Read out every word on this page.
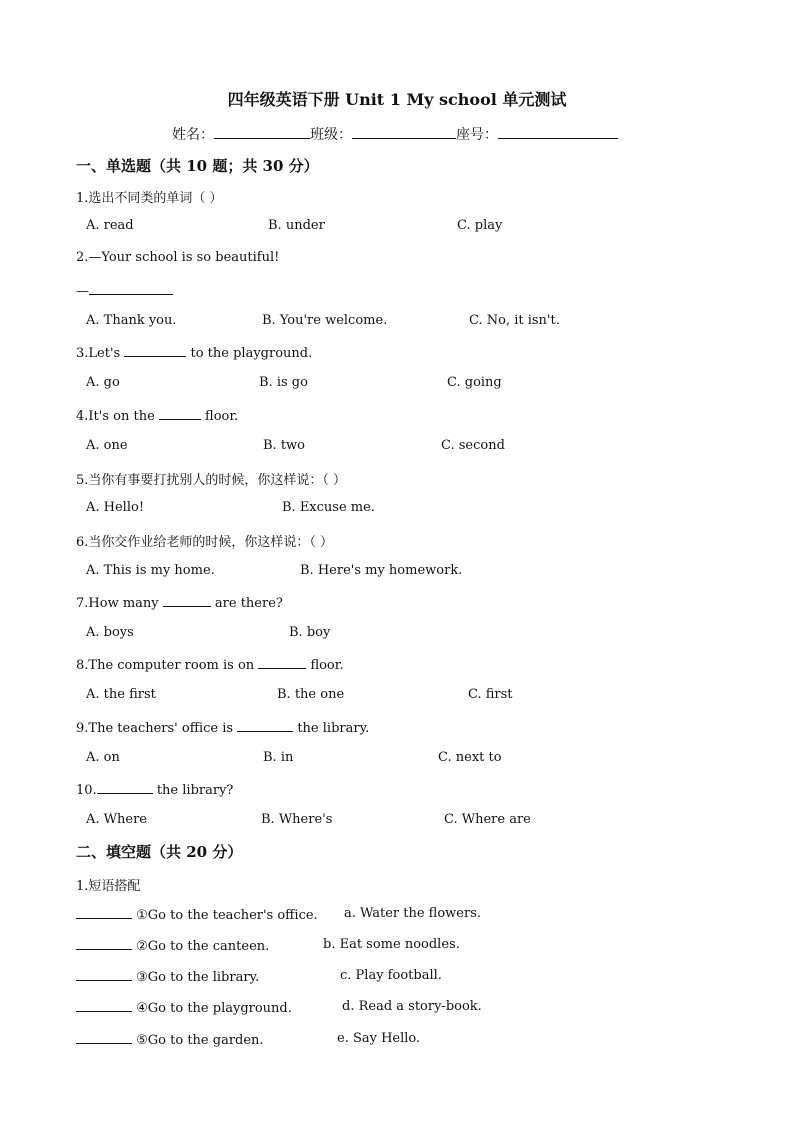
四年级英语下册 Unit 1 My school 单元测试
姓名：	班级：	座号：
一、单选题（共 10 题；共 30 分）
1.选出不同类的单词（ ）
A. read	B. under	C. play
2.—Your school is so beautiful!
—
A. Thank you.	B. You're welcome.	C. No, it isn't.
3.Let's	to the playground.
A. go	B. is go	C. going
4.It's on the	floor.
A. one	B. two	C. second
5.当你有事要打扰别人的时候，你这样说：（ ）
A. Hello!	B. Excuse me.
6.当你交作业给老师的时候，你这样说：（ ）
A. This is my home.	B. Here's my homework.
7.How many	are there?
A. boys	B. boy
8.The computer room is on	floor.
A. the first	B. the one	C. first
9.The teachers' office is	the library.
A. on	B. in	C. next to
10.	the library?
A. Where	B. Where's	C. Where are
二、填空题（共 20 分）
1.短语搭配
①Go to the teacher's office. a. Water the flowers.
②Go to the canteen.	b. Eat some noodles.
③Go to the library.	c. Play football.
④Go to the playground.	d. Read a story-book.
⑤Go to the garden.	e. Say Hello.
